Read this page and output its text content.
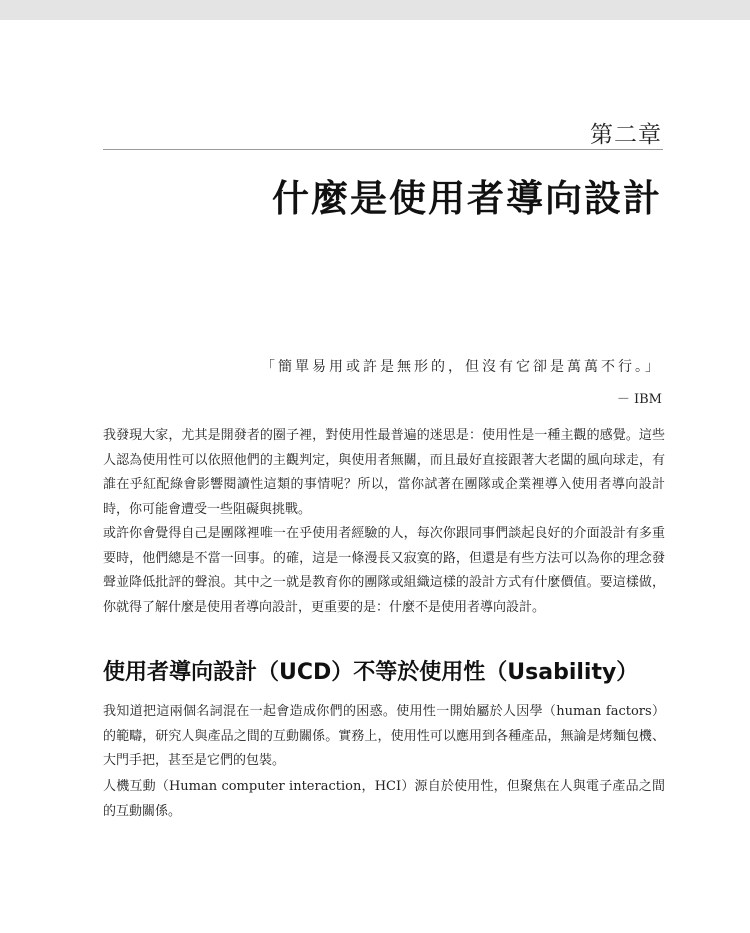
第二章
什麼是使用者導向設計
「簡單易用或許是無形的，但沒有它卻是萬萬不行。」
－ IBM

我發現大家，尤其是開發者的圈子裡，對使用性最普遍的迷思是：使用性是一種主觀的感覺。這些人認為使用性可以依照他們的主觀判定，與使用者無關，而且最好直接跟著大老闆的風向球走，有誰在乎紅配綠會影響閱讀性這類的事情呢？所以，當你試著在團隊或企業裡導入使用者導向設計時，你可能會遭受一些阻礙與挑戰。

或許你會覺得自己是團隊裡唯一在乎使用者經驗的人，每次你跟同事們談起良好的介面設計有多重要時，他們總是不當一回事。的確，這是一條漫長又寂寞的路，但還是有些方法可以為你的理念發聲並降低批評的聲浪。其中之一就是教育你的團隊或組織這樣的設計方式有什麼價值。要這樣做，你就得了解什麼是使用者導向設計，更重要的是：什麼不是使用者導向設計。

使用者導向設計（UCD）不等於使用性（Usability）

我知道把這兩個名詞混在一起會造成你們的困惑。使用性一開始屬於人因學（human factors）的範疇，研究人與產品之間的互動關係。實務上，使用性可以應用到各種產品，無論是烤麵包機、大門手把，甚至是它們的包裝。

人機互動（Human computer interaction，HCI）源自於使用性，但聚焦在人與電子產品之間的互動關係。
